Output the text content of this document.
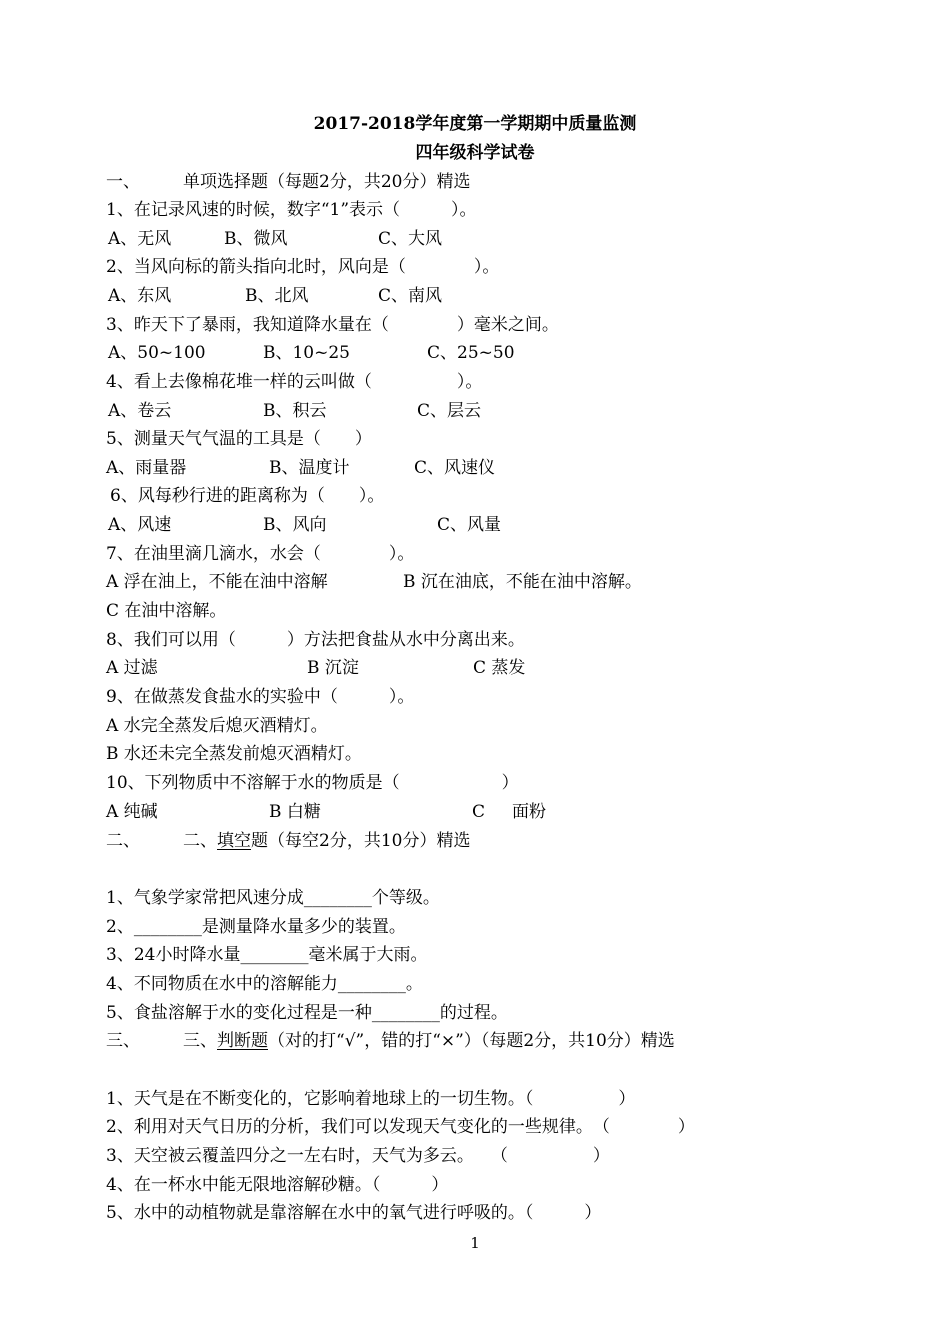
2017-2018学年度第一学期期中质量监测
四年级科学试卷
一、	单项选择题（每题2分，共20分）精选
1、在记录风速的时候，数字“1”表示（　　　）。
A、无风	B、微风	C、大风
2、当风向标的箭头指向北时，风向是（　　　　）。
A、东风	B、北风	C、南风
3、昨天下了暴雨，我知道降水量在（　　　　）毫米之间。
A、50~100	B、10~25	C、25~50
4、看上去像棉花堆一样的云叫做（　　　　　）。
A、卷云	B、积云	C、层云
5、测量天气气温的工具是（　　）
A、雨量器	B、温度计	C、风速仪
6、风每秒行进的距离称为（　　）。
A、风速	B、风向	C、风量
7、在油里滴几滴水，水会（　　　　）。
A 浮在油上，不能在油中溶解	B 沉在油底，不能在油中溶解。
C 在油中溶解。
8、我们可以用（　　　）方法把食盐从水中分离出来。
A 过滤	B 沉淀	C 蒸发
9、在做蒸发食盐水的实验中（　　　）。
A 水完全蒸发后熄灭酒精灯。
B 水还未完全蒸发前熄灭酒精灯。
10、下列物质中不溶解于水的物质是（　　　　　　）
A 纯碱	B 白糖	C 面粉
二、	二、填空题（每空2分，共10分）精选
1、气象学家常把风速分成________个等级。
2、________是测量降水量多少的装置。
3、24小时降水量________毫米属于大雨。
4、不同物质在水中的溶解能力________。
5、食盐溶解于水的变化过程是一种________的过程。
三、	三、判断题（对的打“√”，错的打“×”）（每题2分，共10分）精选
1、天气是在不断变化的，它影响着地球上的一切生物。（　　　　　）
2、利用对天气日历的分析，我们可以发现天气变化的一些规律。　（　　　　）
3、天空被云覆盖四分之一左右时，天气为多云。　　（　　　　　）
4、在一杯水中能无限地溶解砂糖。（　　　）
5、水中的动植物就是靠溶解在水中的氧气进行呼吸的。（　　　）
1
